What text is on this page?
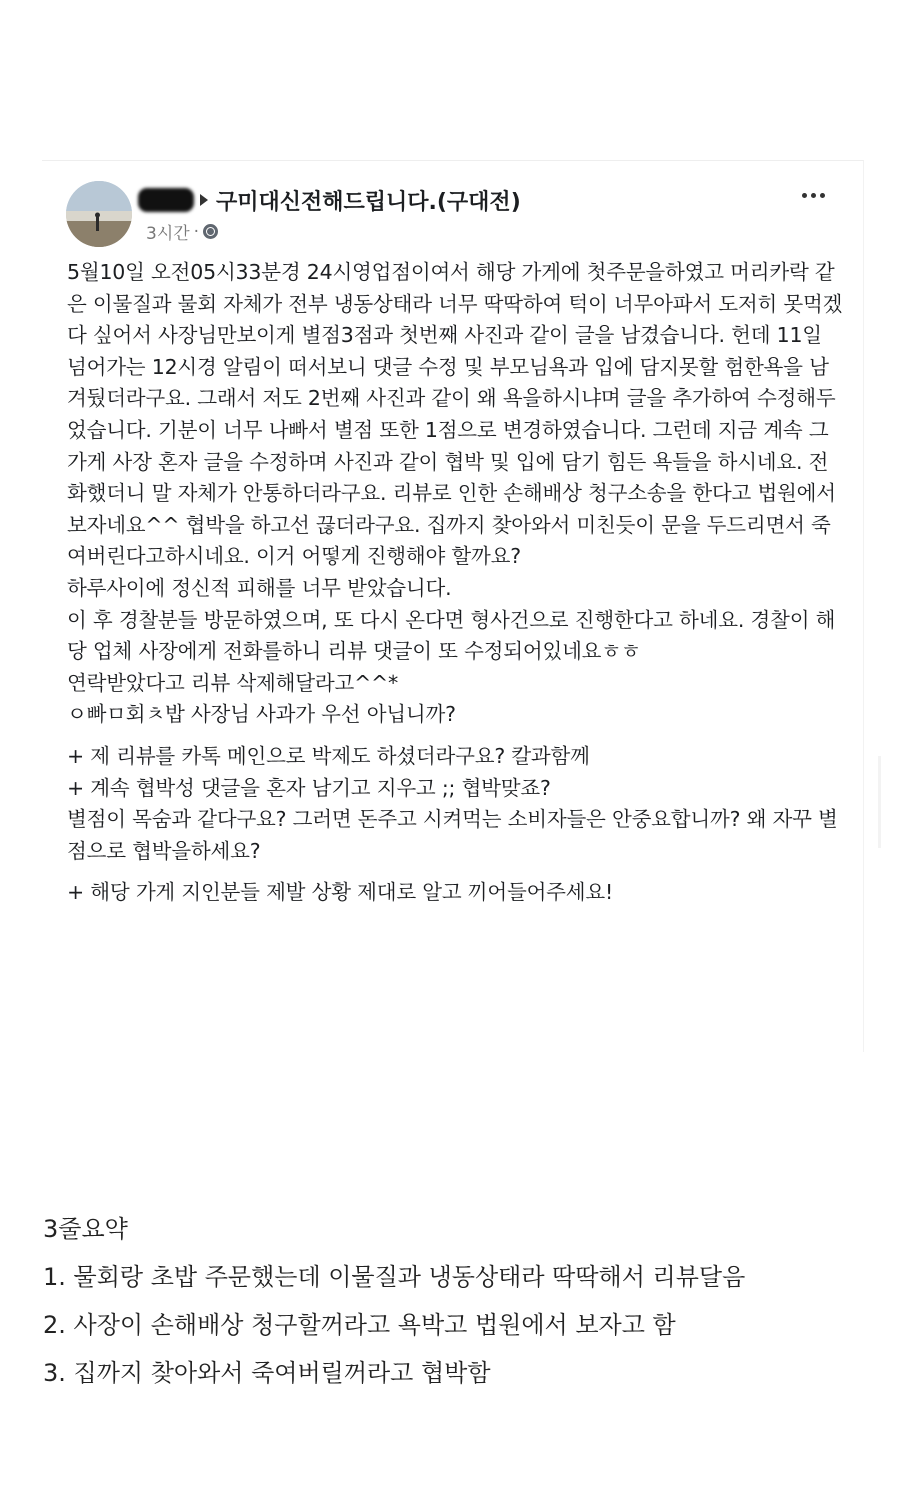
구미대신전해드립니다.(구대전)
3시간 ·

5월10일 오전05시33분경 24시영업점이여서 해당 가게에 첫주문을하였고 머리카락 같은 이물질과 물회 자체가 전부 냉동상태라 너무 딱딱하여 턱이 너무아파서 도저히 못먹겠다 싶어서 사장님만보이게 별점3점과 첫번째 사진과 같이 글을 남겼습니다. 헌데 11일 넘어가는 12시경 알림이 떠서보니 댓글 수정 및 부모님욕과 입에 담지못할 험한욕을 남겨뒀더라구요. 그래서 저도 2번째 사진과 같이 왜 욕을하시냐며 글을 추가하여 수정해두었습니다. 기분이 너무 나빠서 별점 또한 1점으로 변경하였습니다. 그런데 지금 계속 그 가게 사장 혼자 글을 수정하며 사진과 같이 협박 및 입에 담기 힘든 욕들을 하시네요. 전화했더니 말 자체가 안통하더라구요. 리뷰로 인한 손해배상 청구소송을 한다고 법원에서 보자네요^^ 협박을 하고선 끊더라구요. 집까지 찾아와서 미친듯이 문을 두드리면서 죽여버린다고하시네요. 이거 어떻게 진행해야 할까요?

하루사이에 정신적 피해를 너무 받았습니다.

이 후 경찰분들 방문하였으며, 또 다시 온다면 형사건으로 진행한다고 하네요. 경찰이 해당 업체 사장에게 전화를하니 리뷰 댓글이 또 수정되어있네요ㅎㅎ

연락받았다고 리뷰 삭제해달라고^^*

ㅇ빠ㅁ회ㅊ밥 사장님 사과가 우선 아닙니까?

+ 제 리뷰를 카톡 메인으로 박제도 하셨더라구요? 칼과함께

+ 계속 협박성 댓글을 혼자 남기고 지우고 ;; 협박맞죠?

별점이 목숨과 같다구요? 그러면 돈주고 시켜먹는 소비자들은 안중요합니까? 왜 자꾸 별점으로 협박을하세요?

+ 해당 가게 지인분들 제발 상황 제대로 알고 끼어들어주세요!

3줄요약
1. 물회랑 초밥 주문했는데 이물질과 냉동상태라 딱딱해서 리뷰달음
2. 사장이 손해배상 청구할꺼라고 욕박고 법원에서 보자고 함
3. 집까지 찾아와서 죽여버릴꺼라고 협박함
